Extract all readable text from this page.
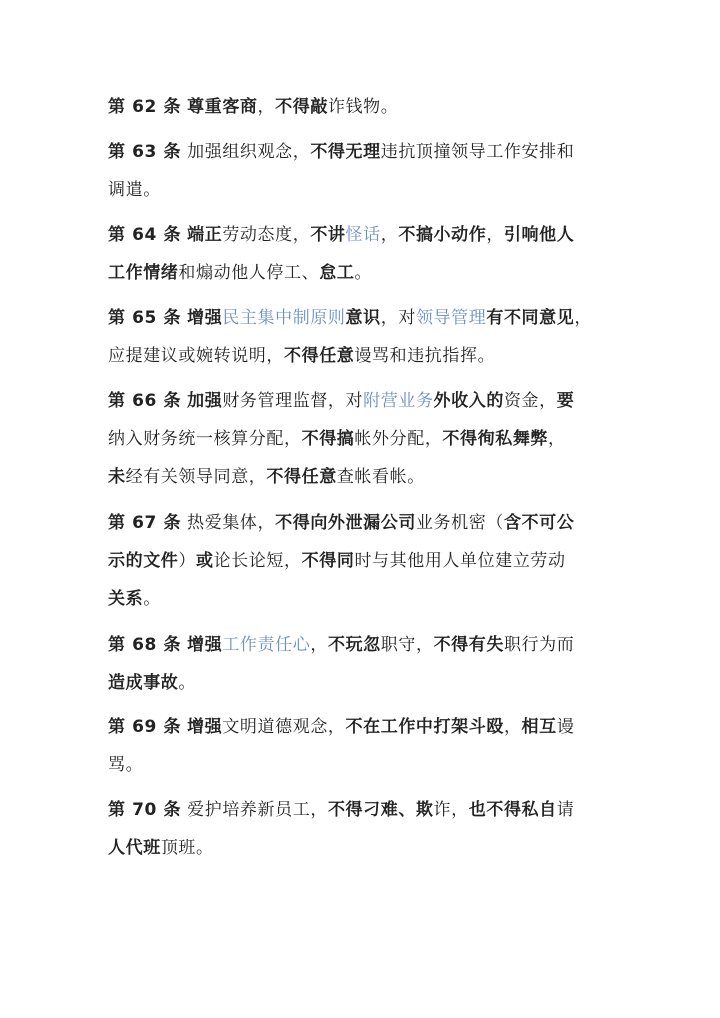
第 62 条 尊重客商，不得敲诈钱物。
第 63 条 加强组织观念，不得无理违抗顶撞领导工作安排和
调遣。
第 64 条 端正劳动态度，不讲怪话，不搞小动作，引响他人
工作情绪和煽动他人停工、怠工。
第 65 条 增强民主集中制原则意识，对领导管理有不同意见，
应提建议或婉转说明，不得任意谩骂和违抗指挥。
第 66 条 加强财务管理监督，对附营业务外收入的资金，要
纳入财务统一核算分配，不得搞帐外分配，不得徇私舞弊，
未经有关领导同意，不得任意查帐看帐。
第 67 条 热爱集体，不得向外泄漏公司业务机密（含不可公
示的文件）或论长论短，不得同时与其他用人单位建立劳动
关系。
第 68 条 增强工作责任心，不玩忽职守，不得有失职行为而
造成事故。
第 69 条 增强文明道德观念，不在工作中打架斗殴，相互谩
骂。
第 70 条 爱护培养新员工，不得刁难、欺诈，也不得私自请
人代班顶班。
